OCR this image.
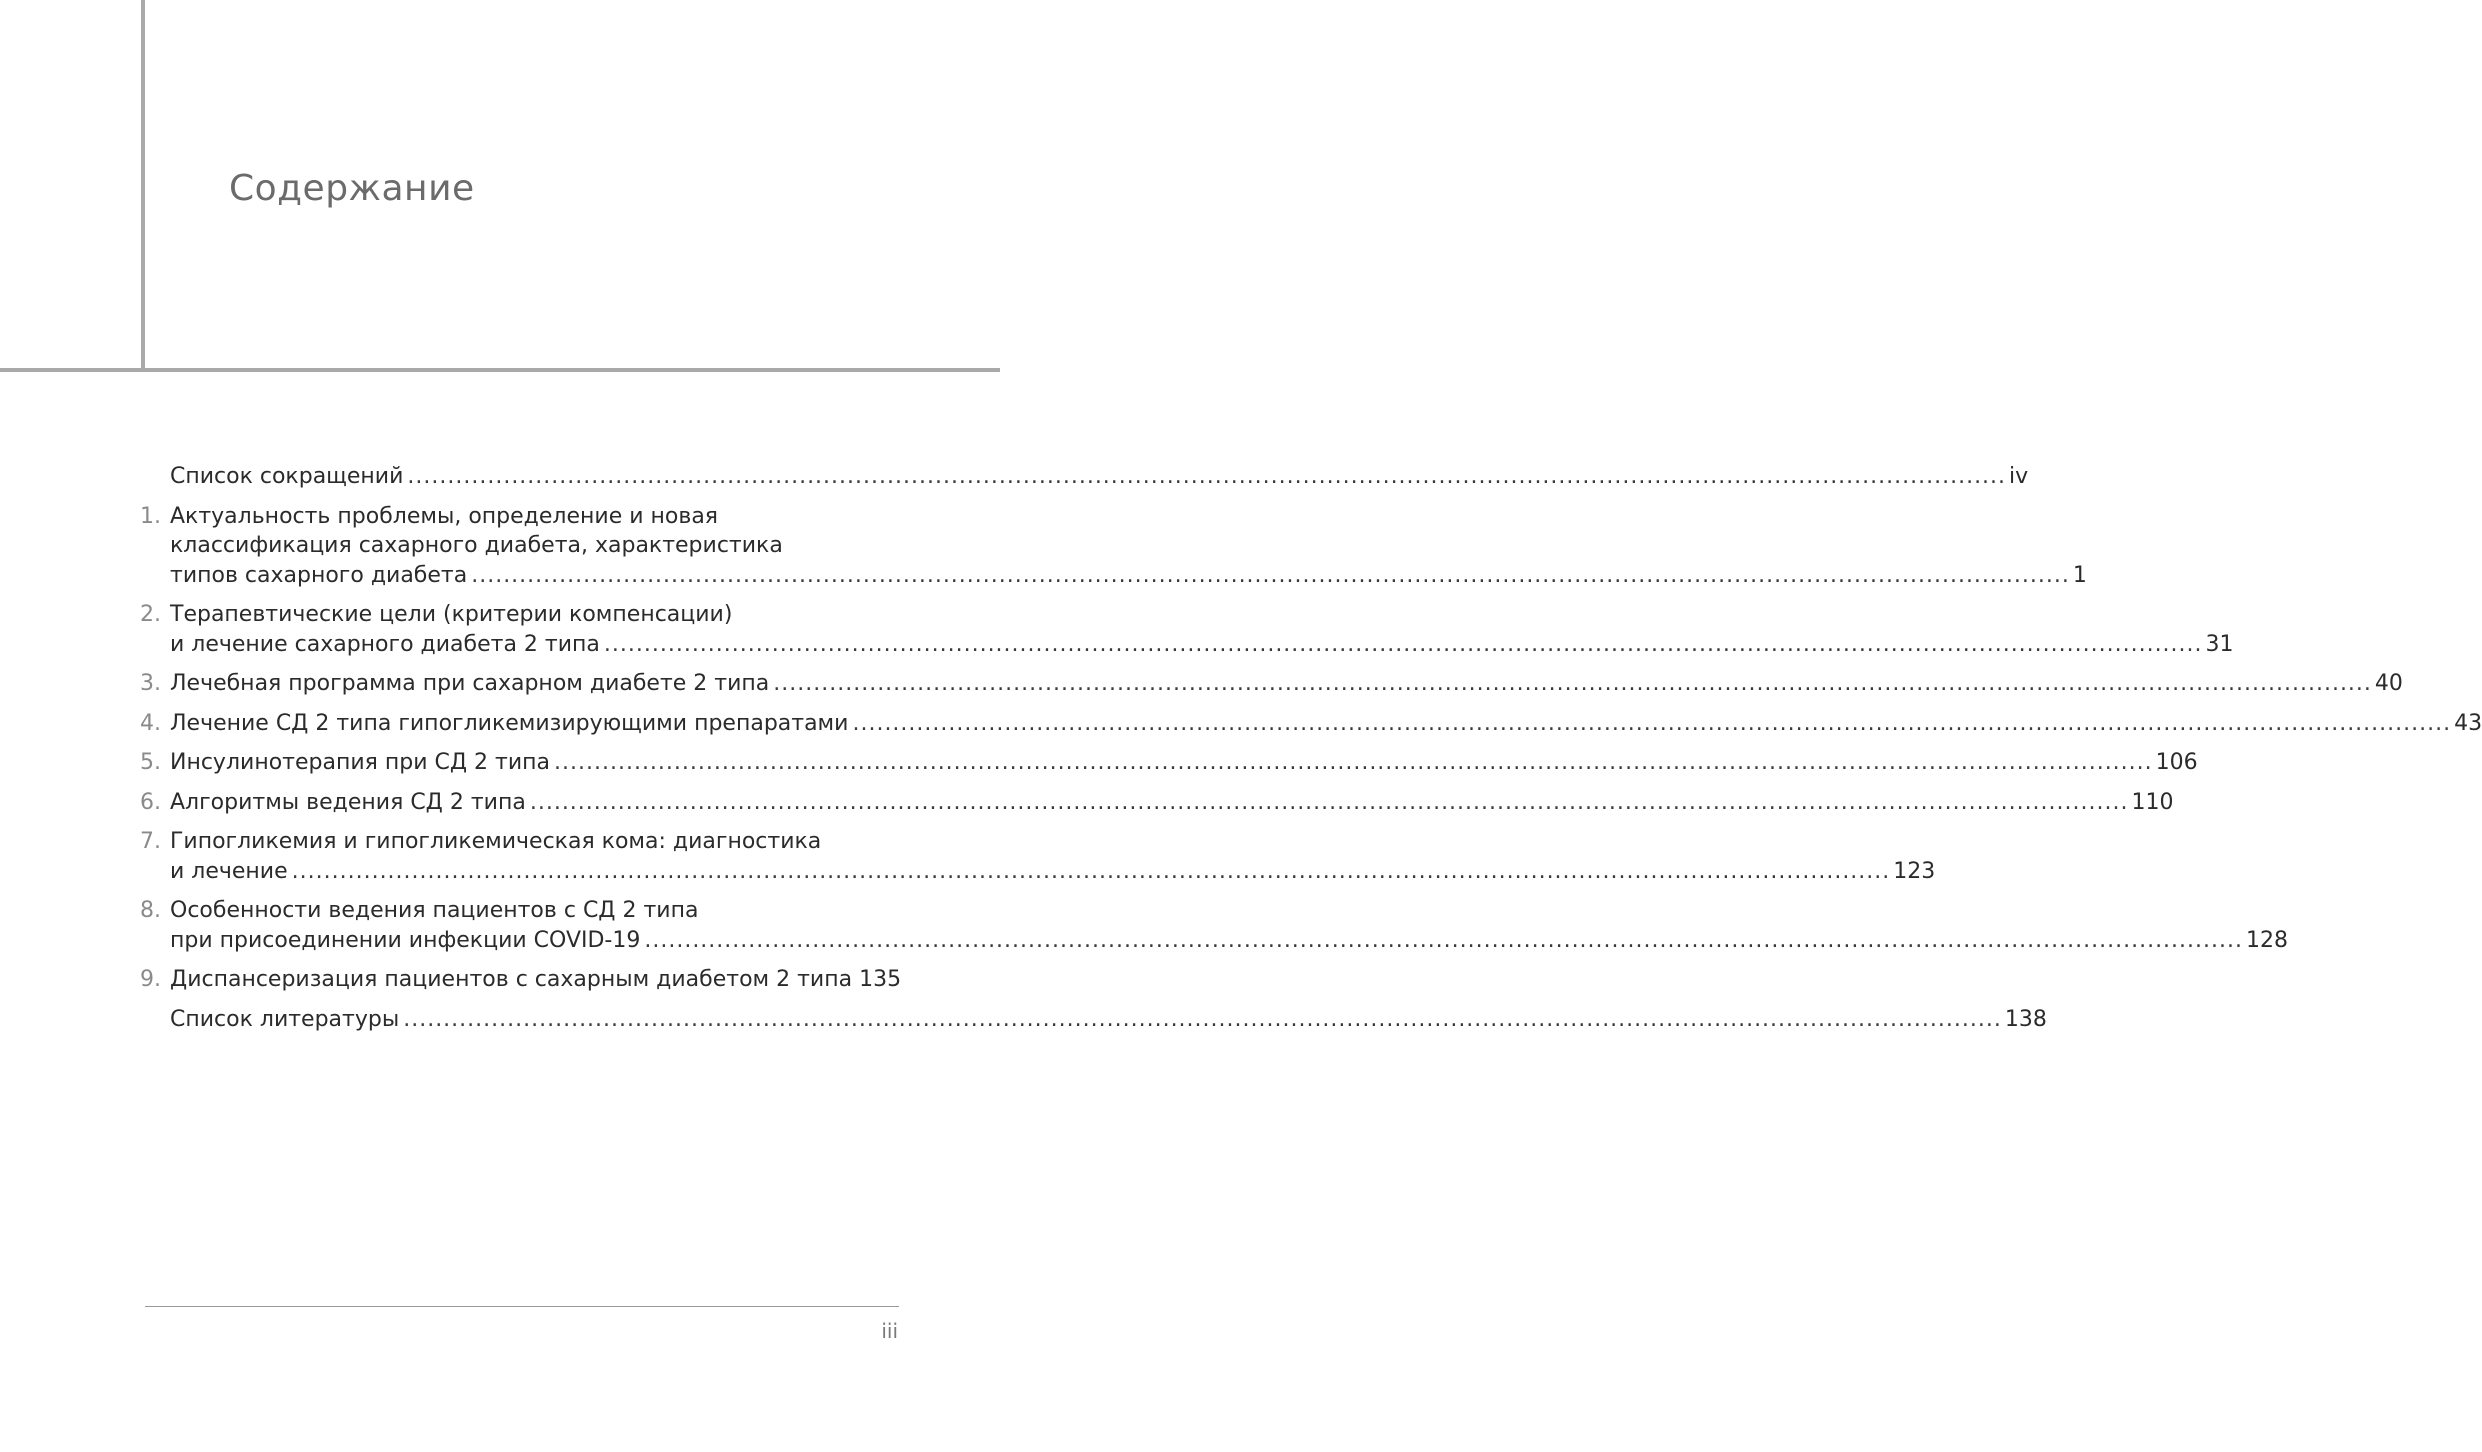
Содержание
Список сокращений ........................................................................................................................................................................................................ iv
1. Актуальность проблемы, определение и новая
классификация сахарного диабета, характеристика
типов сахарного диабета ........................................................................................................................................................................................................ 1
2. Терапевтические цели (критерии компенсации)
и лечение сахарного диабета 2 типа ........................................................................................................................................................................................................ 31
3. Лечебная программа при сахарном диабете 2 типа ........................................................................................................................................................................................................ 40
4. Лечение СД 2 типа гипогликемизирующими препаратами ........................................................................................................................................................................................................ 43
5. Инсулинотерапия при СД 2 типа ........................................................................................................................................................................................................ 106
6. Алгоритмы ведения СД 2 типа ........................................................................................................................................................................................................ 110
7. Гипогликемия и гипогликемическая кома: диагностика
и лечение ........................................................................................................................................................................................................ 123
8. Особенности ведения пациентов с СД 2 типа
при присоединении инфекции COVID-19 ........................................................................................................................................................................................................ 128
9. Диспансеризация пациентов с сахарным диабетом 2 типа 135
Список литературы ........................................................................................................................................................................................................ 138
iii
